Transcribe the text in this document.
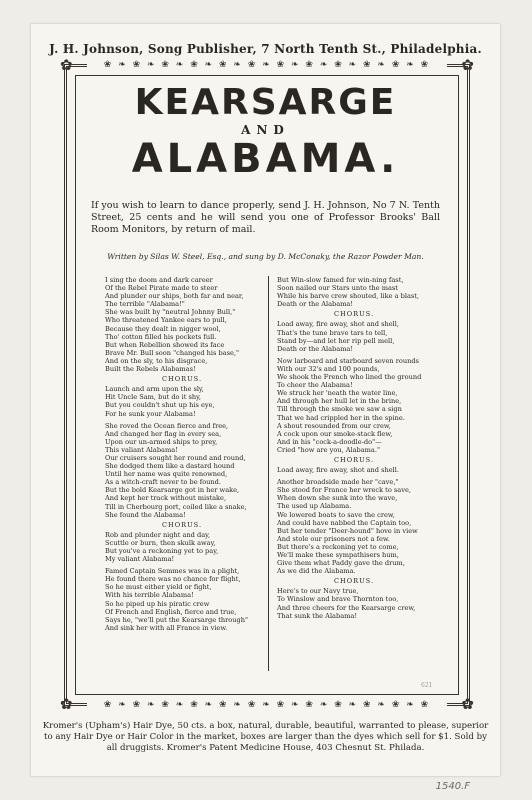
J. H. Johnson, Song Publisher, 7 North Tenth St., Philadelphia.
✿	✿
✿	✿
❀ ❧ ❀ ❧ ❀ ❧ ❀ ❧ ❀ ❧ ❀ ❧ ❀ ❧ ❀ ❧ ❀ ❧ ❀ ❧ ❀ ❧ ❀
❀ ❧ ❀ ❧ ❀ ❧ ❀ ❧ ❀ ❧ ❀ ❧ ❀ ❧ ❀ ❧ ❀ ❧ ❀ ❧ ❀ ❧ ❀
KEARSARGE
AND
ALABAMA.
If you wish to learn to dance properly, send J. H. Johnson, No 7 N. Tenth Street, 25 cents and he will send you one of Professor Brooks' Ball Room Monitors, by return of mail.
Written by Silas W. Steel, Esq., and sung by D. McConaky, the Razor Powder Man.
I sing the doom and dark career
Of the Rebel Pirate made to steer
And plunder our ships, both far and near,
The terrible "Alabama!"
She was built by "neutral Johnny Bull,"
Who threatened Yankee ears to pull,
Because they dealt in nigger wool,
Tho' cotton filled his pockets full.
But when Rebellion showed its face
Brave Mr. Bull soon "changed his base,"
And on the sly, to his disgrace,
Built the Rebels Alabamas!
CHORUS.
Launch and arm upon the sly,
Hit Uncle Sam, but do it shy,
But you couldn't shut up his eye,
For he sunk your Alabama!
She roved the Ocean fierce and free,
And changed her flag in every sea,
Upon our un-armed ships to prey,
This valiant Alabama!
Our cruisers sought her round and round,
She dodged them like a dastard hound
Until her name was quite renowned,
As a witch-craft never to be found.
But the bold Kearsarge got in her wake,
And kept her track without mistake,
Till in Cherbourg port, coiled like a snake,
She found the Alabama!
CHORUS.
Rob and plunder night and day,
Scuttle or burn, then skulk away,
But you've a reckoning yet to pay,
My valiant Alabama!
Famed Captain Semmes was in a plight,
He found there was no chance for flight,
So he must either yield or fight,
With his terrible Alabama!
So he piped up his piratic crew
Of French and English, fierce and true,
Says he, "we'll put the Kearsarge through"
And sink her with all France in view.
But Win-slow famed for win-ning fast,
Soon nailed our Stars unto the mast
While his barve crew shouted, like a blast,
Death or the Alabama!
CHORUS.
Load away, fire away, shot and shell,
That's the tune brave tars to tell,
Stand by—and let her rip pell mell,
Death or the Alabama!
Now larboard and starboard seven rounds
With our 32's and 100 pounds,
We shook the French who lined the ground
To cheer the Alabama!
We struck her 'neath the water line,
And through her hull let in the brine,
Till through the smoke we saw a sign
That we had crippled her in the spine.
A shout resounded from our crew,
A cock upon our smoke-stack flew,
And in his "cock-a-doodle-do"—
Cried "how are you, Alabama."
CHORUS.
Load away, fire away, shot and shell.
Another broadside made her "cave,"
She stood for France her wreck to save,
When down she sunk into the wave,
The used up Alabama.
We lowered boats to save the crew,
And could have nabbed the Captain too,
But her tender "Deer-hound" hove in view
And stole our prisoners not a few.
But there's a reckoning yet to come,
We'll make these sympathisers hum,
Give them what Paddy gave the drum,
As we did the Alabama.
CHORUS.
Here's to our Navy true,
To Winslow and brave Thornton too,
And three cheers for the Kearsarge crew,
That sunk the Alabama!
Kromer's (Upham's) Hair Dye, 50 cts. a box, natural, durable, beautiful, warranted to please, superior to any Hair Dye or Hair Color in the market, boxes are larger than the dyes which sell for $1. Sold by all druggists. Kromer's Patent Medicine House, 403 Chesnut St. Philada.
621
1540.F
